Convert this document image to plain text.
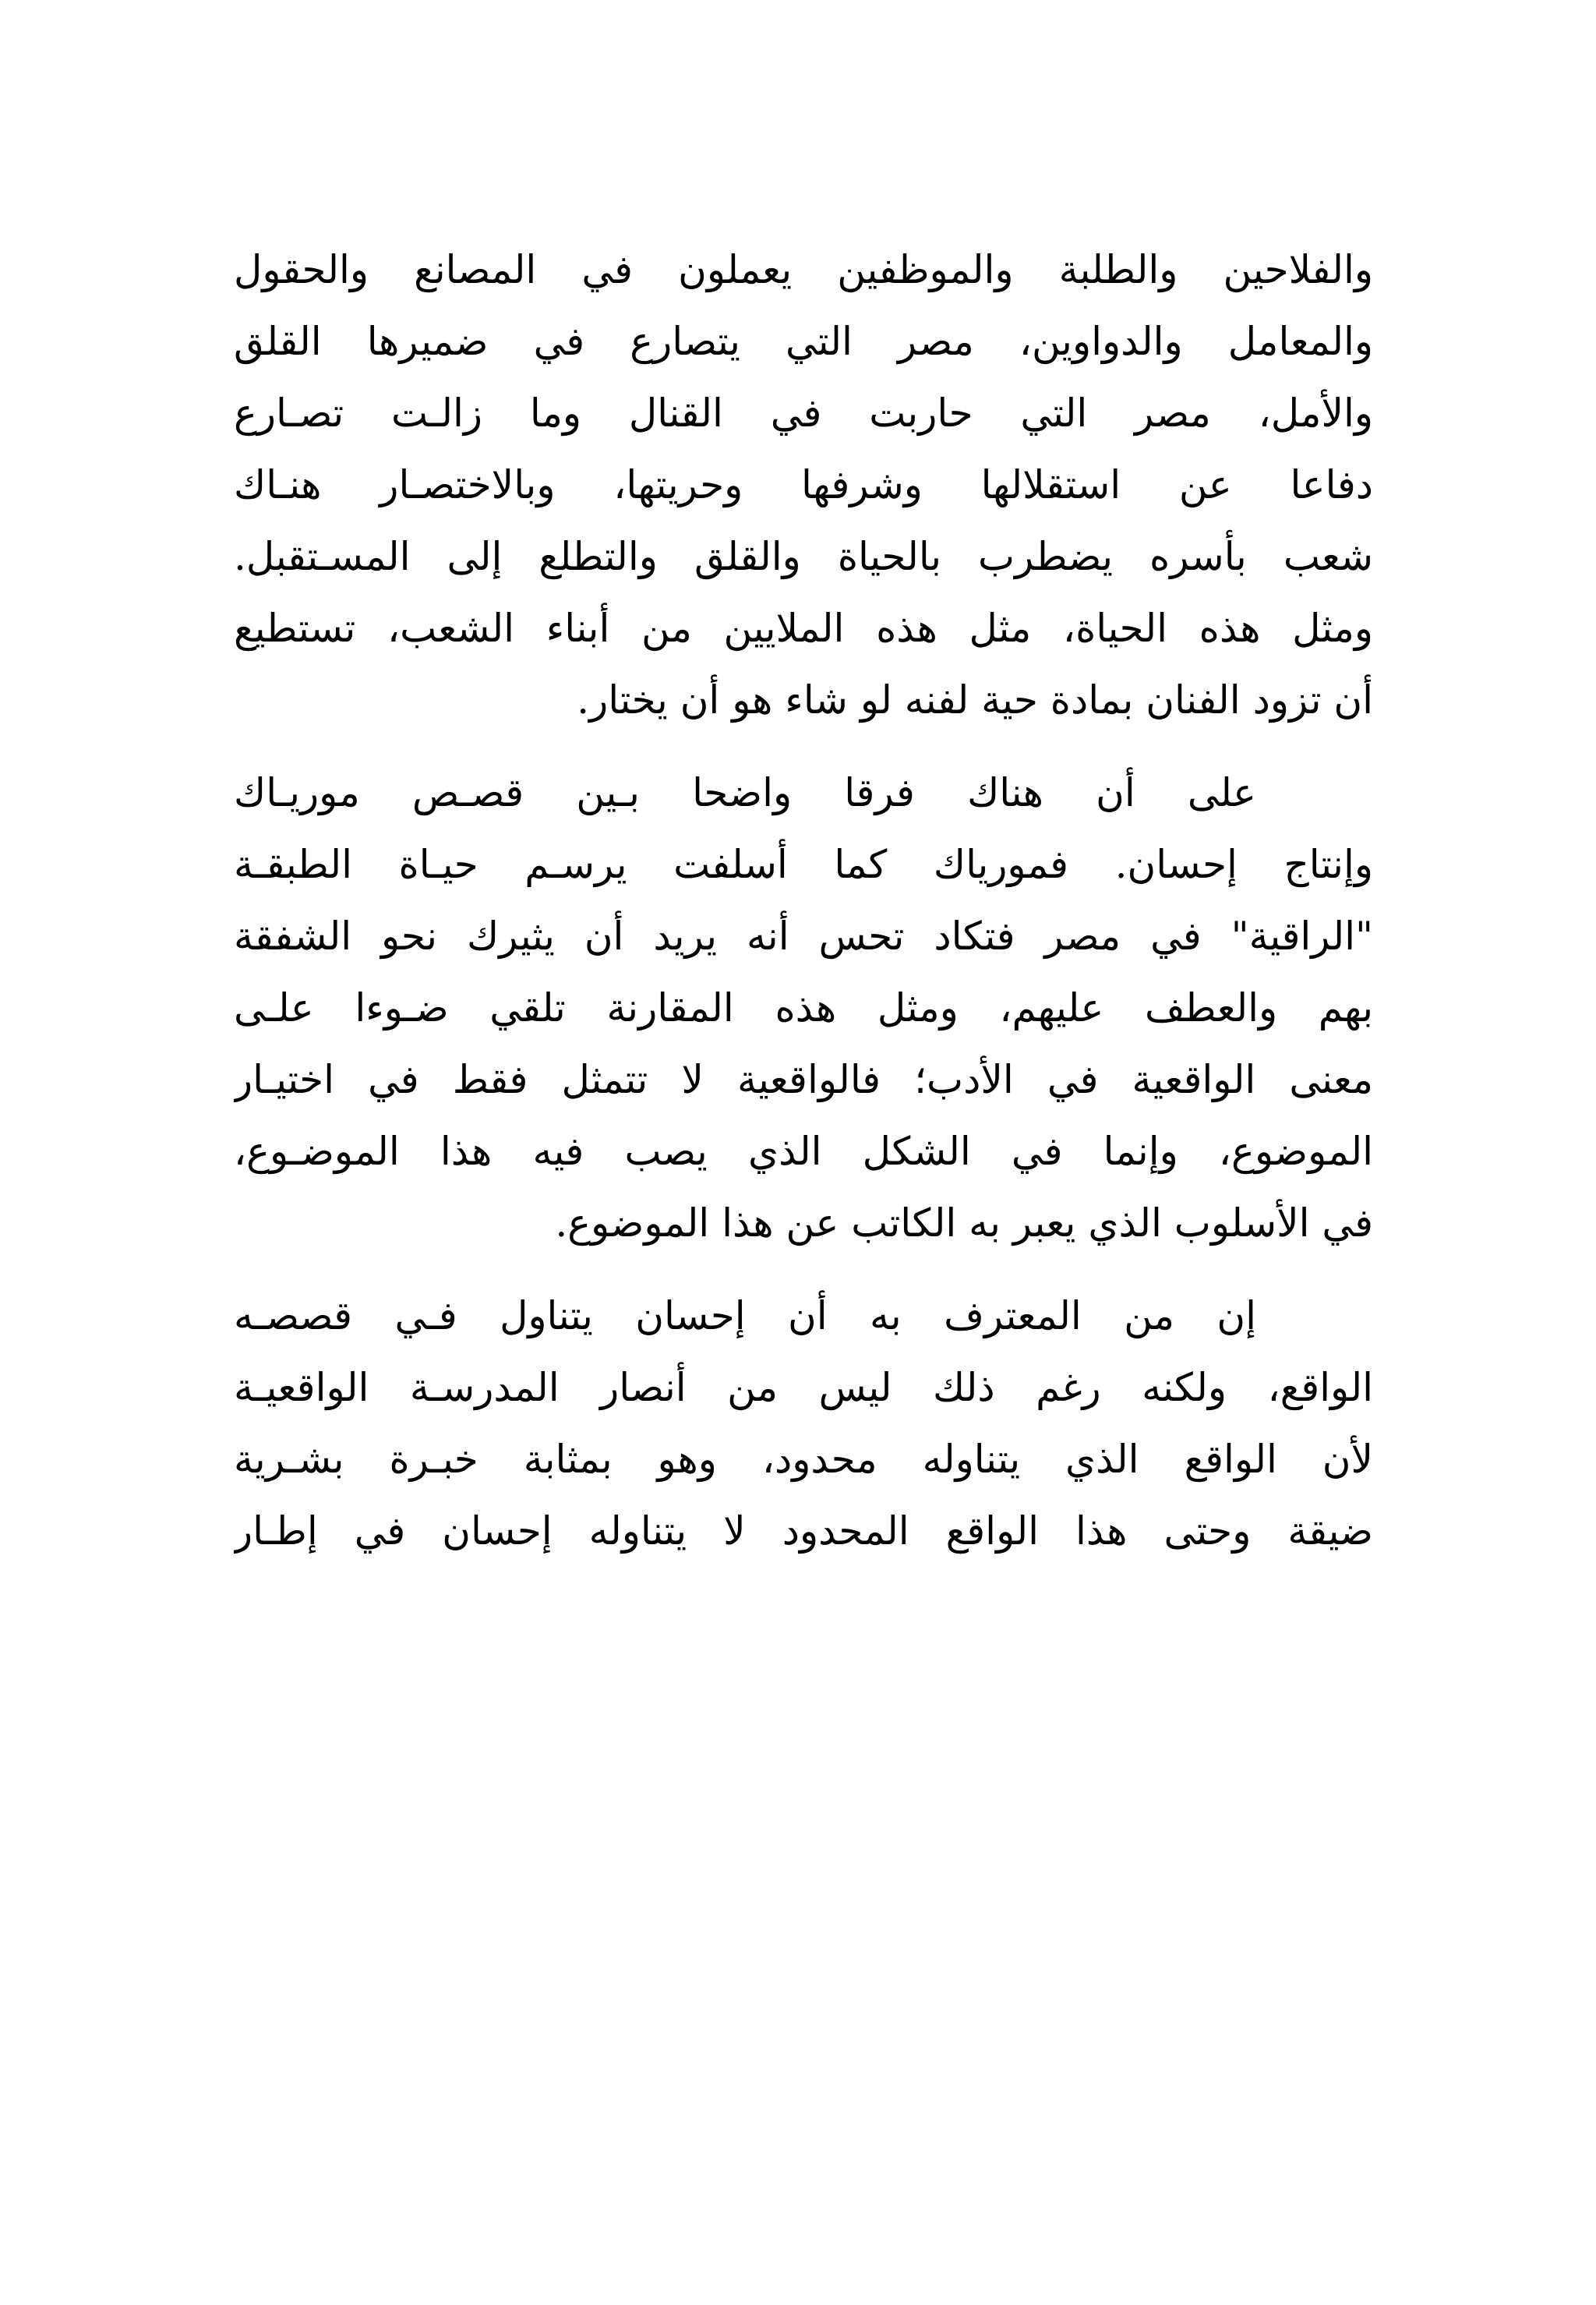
والفلاحين والطلبة والموظفين يعملون في المصانع والحقول
والمعامل والدواوين، مصر التي يتصارع في ضميرها القلق
والأمل، مصر التي حاربت في القنال وما زالـت تصـارع
دفاعا عن استقلالها وشرفها وحريتها، وبالاختصـار هنـاك
شعب بأسره يضطرب بالحياة والقلق والتطلع إلى المسـتقبل.
ومثل هذه الحياة، مثل هذه الملايين من أبناء الشعب، تستطيع
أن تزود الفنان بمادة حية لفنه لو شاء هو أن يختار.
على أن هناك فرقا واضحا بـين قصـص موريـاك
وإنتاج إحسان. فموریاك كما أسلفت يرسـم حيـاة الطبقـة
"الراقية" في مصر فتكاد تحس أنه يريد أن يثيرك نحو الشفقة
بهم والعطف عليهم، ومثل هذه المقارنة تلقي ضـوءا علـى
معنى الواقعية في الأدب؛ فالواقعية لا تتمثل فقط في اختيـار
الموضوع، وإنما في الشكل الذي يصب فيه هذا الموضـوع،
في الأسلوب الذي يعبر به الكاتب عن هذا الموضوع.
إن من المعترف به أن إحسان يتناول فـي قصصـه
الواقع، ولكنه رغم ذلك ليس من أنصار المدرسـة الواقعيـة
لأن الواقع الذي يتناوله محدود، وهو بمثابة خبـرة بشـرية
ضيقة وحتى هذا الواقع المحدود لا يتناوله إحسان في إطـار
